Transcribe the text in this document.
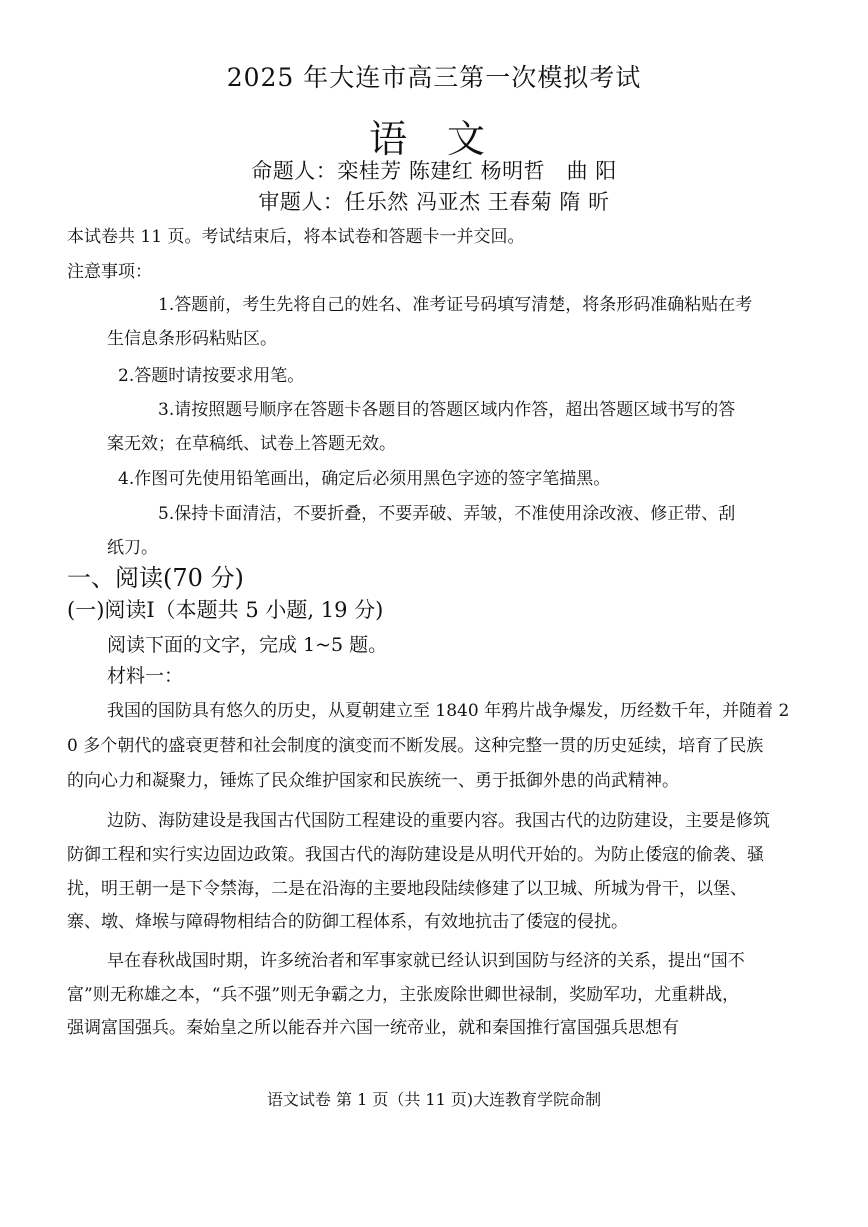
2025 年大连市高三第一次模拟考试
语 文
命题人：栾桂芳 陈建红 杨明哲　曲 阳
审题人：任乐然 冯亚杰 王春菊 隋 昕
本试卷共 11 页。考试结束后，将本试卷和答题卡一并交回。
注意事项：
1.答题前，考生先将自己的姓名、准考证号码填写清楚，将条形码准确粘贴在考
生信息条形码粘贴区。
2.答题时请按要求用笔。
3.请按照题号顺序在答题卡各题目的答题区域内作答，超出答题区域书写的答
案无效；在草稿纸、试卷上答题无效。
4.作图可先使用铅笔画出，确定后必须用黑色字迹的签字笔描黑。
5.保持卡面清洁，不要折叠，不要弄破、弄皱，不准使用涂改液、修正带、刮
纸刀。
一、阅读(70 分)
(一)阅读Ⅰ（本题共 5 小题, 19 分)
阅读下面的文字，完成 1~5 题。
材料一：
我国的国防具有悠久的历史，从夏朝建立至 1840 年鸦片战争爆发，历经数千年，并随着 2
0 多个朝代的盛衰更替和社会制度的演变而不断发展。这种完整一贯的历史延续，培育了民族
的向心力和凝聚力，锤炼了民众维护国家和民族统一、勇于抵御外患的尚武精神。
边防、海防建设是我国古代国防工程建设的重要内容。我国古代的边防建设，主要是修筑
防御工程和实行实边固边政策。我国古代的海防建设是从明代开始的。为防止倭寇的偷袭、骚
扰，明王朝一是下令禁海，二是在沿海的主要地段陆续修建了以卫城、所城为骨干，以堡、
寨、墩、烽堠与障碍物相结合的防御工程体系，有效地抗击了倭寇的侵扰。
早在春秋战国时期，许多统治者和军事家就已经认识到国防与经济的关系，提出“国不
富”则无称雄之本，“兵不强”则无争霸之力，主张废除世卿世禄制，奖励军功，尤重耕战，
强调富国强兵。秦始皇之所以能吞并六国一统帝业，就和秦国推行富国强兵思想有
语文试卷 第 1 页（共 11 页)大连教育学院命制
